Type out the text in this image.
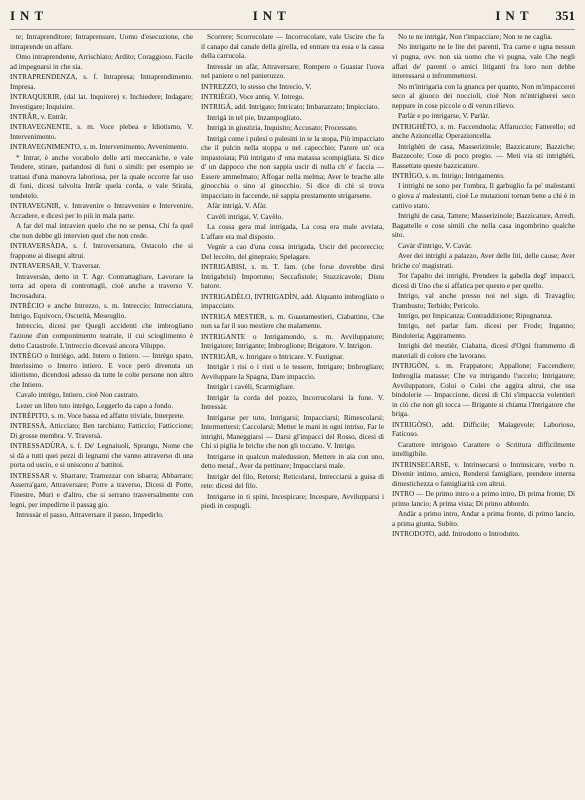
INT	INT	INT 351

te; Intraprenditore; Intraprensure, Uomo d'esecuzione, che intraprende un affare.

Omo intraprendente, Arrischiato; Ardito; Coraggioso. Facile ad impegnarsi in che sia.

INTRAPRENDENZA, s. f. Intrapresa; Intraprendimento. Impresa.

INTRAQUERIR, (dal lat. Inquirere) v. Inchiedere; Indagare; Investigare; Inquisire.

INTRÂR, v. Entrâr.

INTRAVEGNENTE, s. m. Voce plebea e Idiotismo, V. Intervenimento.

INTRAVEGNIMENTO, s. m. Intervenimento, Avvenimento.

* Intrar, è anche vocabolo delle arti meccaniche, e vale Tendere, stirare, parlandosi di funi o simili: per esempio se trattasi d'una manovra laboriosa, per la quale occorre far uso di funi, dicesi talvolta Intrâr quela corda, o vale Stirala, tendetelo.

INTRAVEGNIR, v. Intravenire o Intravvenire e Intervenire, Accadere, e dicesi per lo più in mala parte.

A far del mal intravien quelo che no se pensa, Chi fa quel che non debbe gli intervien quel che non crede.

INTRAVERSÀDA, s. f. Introversatura, Ostacolo che si frappone ai disegni altrui.

INTRAVERSAR, V. Traversar.

Intraversàn, detto in T. Agr. Contrattagliare, Lavorare la terra ad opera di controttagli, cioè anche a traverso V. Incrosadura.

INTRÈCIO e anche Intrezzo, s. m. Intreccio; Intrecciatura, Intrigo, Equivoco, Oscurità, Meseuglio.

Intreccio, dicesi per Quegli accidenti che imbrogliano l'azione d'un componimento teatrale, il cui scioglimento è detto Catastrofe. L'intreccio dicevasi ancora Viluppo.

INTRÈGO o Intriègo, add. Intero o Intiero. — Intrègo spato, Interissimo o Interro intiero. E voce però divenuta un idiotismo, dicendosi adesso da tutte le colte persone non altro che Intiero.

Cavalo intrègo, Intiero, cioè Non castrato.

Lezer un libro tuto intrègo, Leggerlo da capo a fondo.

INTRÈPITO, s. m. Voce bassa ed affatto triviale, Interprete.

INTRESSÀ, Atticciato; Ben tarchiato; Fatticcio; Fatticcione; Di grosse membra. V. Traversà.

INTRESSADÙRA, s. f. De' Legnaiuoli, Sprangu, Nome che si dà a tutti quei pezzi di legnami che vanno attraverso di una porta od uscio, e si uniscono a' battitoi.

INTRESSAR v. Sbarrare; Tramezzar con isbarra; Abbarrare; Asserra'gare, Attraversare; Porre a traverso, Dicesi di Porte, Finestre, Muri e d'altro, che si serrano trasversalmente con legni, per impedirne il passag gio.

Intressàr el passo, Attraversare il passo, Impedirlo.

Scorrere; Scorrecolare — Incorrucolare, vale Uscire che fa il canapo dal canale della girella, ed entrare tra essa e la cassa della carrucola.

Intressàr un afàr, Attraversare; Rompere o Guastar l'uova nel paniere o nel panieruzzo.

INTREZZO, lo stesso che Intrecio, V.

INTRIÈGO, Voce antiq. V. Intrego.

INTRIGÀ, add. Intrigato; Intricato; Imbarazzato; Impicciato.

Intrigà in tel pie, Inzampogliato.

Intrigà in giustizia, Inquisito; Accusato; Processato.

Intrigà come i pulesi o pulesini in te la stopa, Più impacciato che il pulcin nella stoppa o nel capecchio; Parere un' oca impastoiata; Più intrigato d' una matassa scompigliata. Si dice d' un dappoco che non sappia uscir di nulla ch' e' faccia — Essere ammelmato; Affogar nella melma; Aver le brache alle ginocchia o sino al ginocchio. Si dice di chi si trova impacciato in faccende, nè sappia prestamente strigarsene.

Afàr intrigà, V. Afàr.

Cavèli intrigai, V. Cavèlo.

La cossa gera mal intrigada, La cosa era male avviata, L'affare era mal disposto.

Vegnìr a cao d'una cossa intrigada, Uscir del pecoreccio; Del leccéto, del ginepraio; Spelagare.

INTRIGABISI, s. m. T. fam. (che forse dovrebbe dirsi Intrigabrisi) Importuno; Seccafistole; Stuzzicavole; Distu batore.

INTRIGADÈLO, INTRIGADÌN, add. Alquanto imbrogliato o impacciato.

INTRIGA MESTIER, s. m. Guastamestieri, Ciabattino, Che non sa far il suo mestiere che malamente.

INTRIGANTE o Intrigamondo, s. m. Avviluppatore; Intrigatore; Intrigante; Imbroglione; Brigatore. V. Intrigon.

INTRIGÀR, v. Intrigare o Intricare. V. Fustignar.

Intrigàr i risi o i risti o le tessere, Intrigare; Imbrogliare; Avviluppare la Spagna, Dare impaccio.

Intrigàr i cavèli, Scarmigliare.

Intrigàr la corda del pozzo, Incorrucolarsi la fune. V. Intressàr.

Intrigarse per tuto, Intrigarsi; Impacciarsi; Rimescolarsi; Intermettersi; Caccolarsi; Metter le mani in ogni intriso, Far le intrighi, Maneggiarsi — Darsi gl'impacci del Rosso, dicesi di Chi si piglia le briche che non gli toccano. V. Intrigo.

Intrigarse in qualcun maledussion, Mettere in aia con uno, detto metaf., Aver da pettinare; Impacciarsi male.

Intrigàr del filo, Retorsi; Reticolarsi, Intrecciarsi a guisa di rete: dicesi del filo.

Intrigarse in ti spini, Incespicare; Incespare, Avvilupparsi i piedi in cespugli.

No te ne intrigàr, Non t'impacciare; Non te ne caglia.

No intrigarte ne le lite dei parenti, Tra carne e ugna nessun vi pugna, ovv. non sia uomo che vi pugna, vale Che negli affari de' parenti o amici litiganti fra loro non debbe interessarsi o infrommettersi.

No m'intrigarìa con la gnanca per quanto, Non m'impaccerei seco al giuoco dei noccioli, cioè Non m'intrigherei seco neppure in cose piccole o di verun rilievo.

Parlàr e po intrigarse, V. Parlàr.

INTRIGHÈTO, s. m. Faccendnola; Affaruccio; Fatterello; ed anche Azioncella; Operazioncella.

Intrighèti de casa, Masserizinole; Bazzicature; Bazziche; Bazzecole; Cose di poco pregio. — Meti via sti intrighèti, Rassettate queste bazzicature.

INTRÌGO, s. m. Intrigo; Intrigamento.

I intrighi ne sono per l'ombra, Il garbuglio fa pe' malestanti o giova a' malestanti, cioè Le mutazioni tornan bene a chi è in cattivo stato.

Intrighi de casa, Tattere; Masserizinole; Bazzicature, Arredi, Bagattelle e cose simili che nella casa ingombrino qualche sito.

Cavàr d'intrigo, V. Cavàr.

Aver dei intrighi a palazzo, Aver delle liti, delle cause; Aver briche co' magistrati.

Tor l'apalto dei intrighi, Prendere la gabella degl' impacci, dicesi di Uno che si affatica per questo e per quello.

Intrigo, val anche presso noi nel sign. di Travaglio; Trambusto; Terbido; Pericolo.

Intrigo, per Impicanza; Contraddizione; Ripugnanza.

Intrigo, nel parlar fam. dicesi per Frode; Inganno; Bindoleria; Aggiramento.

Intrighi del mestièr, Ciabatta, dicesi d'Ogni frammento di materiali di colore che lavorano.

INTRIGÒN, s. m. Frappatore; Appallone; Faccendiere; Imbroglia matasse; Che va intrigando l'uccelo; Intrigatore; Avviluppatore, Colui o Colei che aggira altrui, che usa bindolerie — Impaccione, dicesi di Chi s'impaccia volentieri in ciò che non gli tocca — Brigante si chiama l'Intrigatore che briga.

INTRIGÒSO, add. Difficile; Malagevole; Laborioso, Faticoso.

Carattere intrigoso Carattere o Scrittura difficilmente intelligibile.

INTRINSECARSE, v. Intrinsecarsi o Intrinsicare, verbo n. Divenir intimo, amico, Rendersi famigliare, prendere interna dimestichezza o famigliarità con altrui.

INTRO — De primo intro o a primo intro, Di prima fronte; Di primo lancio; A prima vista; Di primo abbordo.

Andàr a primo intro, Andar a prima fronte, di primo lancio, a prima giunta, Subito.

INTRODOTO, add. Introdotto o Introdutto.
